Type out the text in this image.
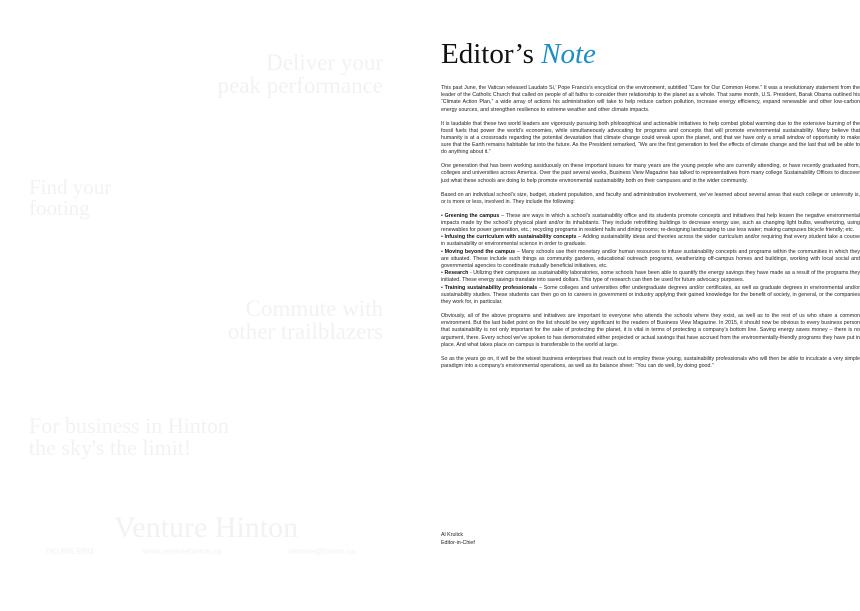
Deliver your
peak performance
Find your
footing
Commute with
other trailblazers
For business in Hinton
the sky's the limit!
Venture Hinton
780.865.5984	www.venturehinton.ca	venture@hinton.ca
Editor’s Note

This past June, the Vatican released Laudato Si,’ Pope Francis’s encyclical on the environment, subtitled “Care for Our Common Home.” It was a revolutionary statement from the leader of the Catholic Church that called on people of all faiths to consider their relationship to the planet as a whole. That same month, U.S. President, Barak Obama outlined his “Climate Action Plan,” a wide array of actions his administration will take to help reduce carbon pollution, increase energy efficiency, expand renewable and other low-carbon energy sources, and strengthen resilience to extreme weather and other climate impacts.

It is laudable that these two world leaders are vigorously pursuing both philosophical and actionable initiatives to help combat global warming due to the extensive burning of the fossil fuels that power the world’s economies, while simultaneously advocating for programs and concepts that will promote environmental sustainability. Many believe that humanity is at a crossroads regarding the potential devastation that climate change could wreak upon the planet, and that we have only a small window of opportunity to make sure that the Earth remains habitable far into the future. As the President remarked, “We are the first generation to feel the effects of climate change and the last that will be able to do anything about it.”

One generation that has been working assiduously on these important issues for many years are the young people who are currently attending, or have recently graduated from, colleges and universities across America. Over the past several weeks, Business View Magazine has talked to representatives from many college Sustainability Offices to discover just what these schools are doing to help promote environmental sustainability both on their campuses and in the wider community.

Based on an individual school’s size, budget, student population, and faculty and administration involvement, we’ve learned about several areas that each college or university is, or is more or less, involved in. They include the following:

• Greening the campus – These are ways in which a school’s sustainability office and its students promote concepts and initiatives that help lessen the negative environmental impacts made by the school’s physical plant and/or its inhabitants. They include retrofitting buildings to decrease energy use, such as changing light bulbs, weatherizing, using renewables for power generation, etc.; recycling programs in resident halls and dining rooms; re-designing landscaping to use less water; making campuses bicycle friendly; etc.
• Infusing the curriculum with sustainability concepts – Adding sustainability ideas and theories across the wider curriculum and/or requiring that every student take a course in sustainability or environmental science in order to graduate.
• Moving beyond the campus – Many schools use their monetary and/or human resources to infuse sustainability concepts and programs within the communities in which they are situated. These include such things as community gardens, educational outreach programs, weatherizing off-campus homes and buildings, working with local social and governmental agencies to coordinate mutually beneficial initiatives, etc.
• Research - Utilizing their campuses as sustainability laboratories, some schools have been able to quantify the energy savings they have made as a result of the programs they initiated. These energy savings translate into saved dollars. This type of research can then be used for future advocacy purposes.
• Training sustainability professionals – Some colleges and universities offer undergraduate degrees and/or certificates, as well as graduate degrees in environmental and/or sustainability studies. These students can then go on to careers in government or industry applying their gained knowledge for the benefit of society, in general, or the companies they work for, in particular.

Obviously, all of the above programs and initiatives are important to everyone who attends the schools where they exist, as well as to the rest of us who share a common environment. But the last bullet point on the list should be very significant to the readers of Business View Magazine. In 2015, it should now be obvious to every business person that sustainability is not only important for the sake of protecting the planet, it is vital in terms of protecting a company’s bottom line. Saving energy saves money – there is no argument, there. Every school we’ve spoken to has demonstrated either projected or actual savings that have accrued from the environmentally-friendly programs they have put in place. And what takes place on campus is transferable to the world at large.

So as the years go on, it will be the wisest business enterprises that reach out to employ these young, sustainability professionals who will then be able to inculcate a very simple paradigm into a company’s environmental operations, as well as its balance sheet: “You can do well, by doing good.”

Al Krulick
Editor-in-Chief
